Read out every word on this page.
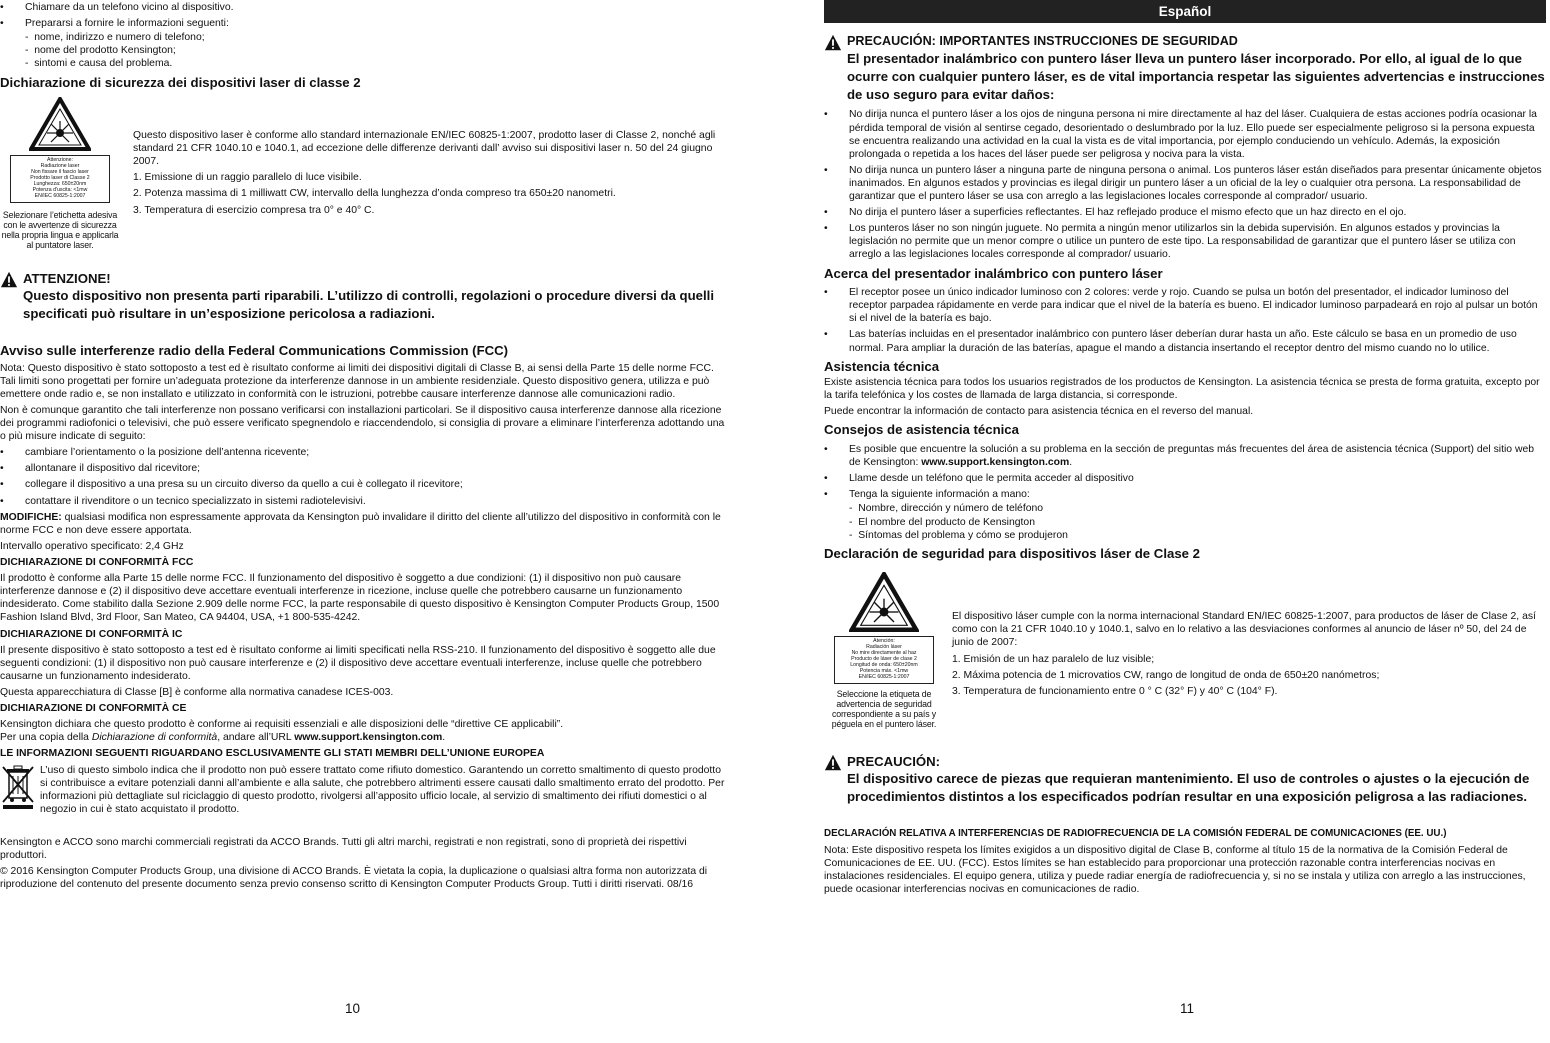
• Chiamare da un telefono vicino al dispositivo.
• Prepararsi a fornire le informazioni seguenti:
- nome, indirizzo e numero di telefono;
- nome del prodotto Kensington;
- sintomi e causa del problema.
Dichiarazione di sicurezza dei dispositivi laser di classe 2
Attenzione:
Radiazione laser
Non fissare il fascio laser
Prodotto laser di Classe 2
Lunghezza: 650±20nm
Potenza d'uscita: <1mw
EN/IEC 60825-1:2007
Selezionare l’etichetta adesiva con le avvertenze di sicurezza nella propria lingua e applicarla al puntatore laser.

Questo dispositivo laser è conforme allo standard internazionale EN/IEC 60825-1:2007, prodotto laser di Classe 2, nonché agli standard 21 CFR 1040.10 e 1040.1, ad eccezione delle differenze derivanti dall’ avviso sui dispositivi laser n. 50 del 24 giugno 2007.

1. Emissione di un raggio parallelo di luce visibile.

2. Potenza massima di 1 milliwatt CW, intervallo della lunghezza d’onda compreso tra 650±20 nanometri.

3. Temperatura di esercizio compresa tra 0° e 40° C.

ATTENZIONE!
Questo dispositivo non presenta parti riparabili. L’utilizzo di controlli, regolazioni o procedure diversi da quelli specificati può risultare in un’esposizione pericolosa a radiazioni.
Avviso sulle interferenze radio della Federal Communications Commission (FCC)

Nota: Questo dispositivo è stato sottoposto a test ed è risultato conforme ai limiti dei dispositivi digitali di Classe B, ai sensi della Parte 15 delle norme FCC. Tali limiti sono progettati per fornire un’adeguata protezione da interferenze dannose in un ambiente residenziale. Questo dispositivo genera, utilizza e può emettere onde radio e, se non installato e utilizzato in conformità con le istruzioni, potrebbe causare interferenze dannose alle comunicazioni radio.

Non è comunque garantito che tali interferenze non possano verificarsi con installazioni particolari. Se il dispositivo causa interferenze dannose alla ricezione dei programmi radiofonici o televisivi, che può essere verificato spegnendolo e riaccendendolo, si consiglia di provare a eliminare l’interferenza adottando una o più misure indicate di seguito:

• cambiare l’orientamento o la posizione dell’antenna ricevente;
• allontanare il dispositivo dal ricevitore;
• collegare il dispositivo a una presa su un circuito diverso da quello a cui è collegato il ricevitore;
• contattare il rivenditore o un tecnico specializzato in sistemi radiotelevisivi.

MODIFICHE: qualsiasi modifica non espressamente approvata da Kensington può invalidare il diritto del cliente all’utilizzo del dispositivo in conformità con le norme FCC e non deve essere apportata.

Intervallo operativo specificato: 2,4 GHz

DICHIARAZIONE DI CONFORMITÀ FCC

Il prodotto è conforme alla Parte 15 delle norme FCC. Il funzionamento del dispositivo è soggetto a due condizioni: (1) il dispositivo non può causare interferenze dannose e (2) il dispositivo deve accettare eventuali interferenze in ricezione, incluse quelle che potrebbero causarne un funzionamento indesiderato. Come stabilito dalla Sezione 2.909 delle norme FCC, la parte responsabile di questo dispositivo è Kensington Computer Products Group, 1500 Fashion Island Blvd, 3rd Floor, San Mateo, CA 94404, USA, +1 800-535-4242.

DICHIARAZIONE DI CONFORMITÀ IC

Il presente dispositivo è stato sottoposto a test ed è risultato conforme ai limiti specificati nella RSS-210. Il funzionamento del dispositivo è soggetto alle due seguenti condizioni: (1) il dispositivo non può causare interferenze e (2) il dispositivo deve accettare eventuali interferenze, incluse quelle che potrebbero causarne un funzionamento indesiderato.

Questa apparecchiatura di Classe [B] è conforme alla normativa canadese ICES-003.

DICHIARAZIONE DI CONFORMITÀ CE

Kensington dichiara che questo prodotto è conforme ai requisiti essenziali e alle disposizioni delle “direttive CE applicabili”.

Per una copia della Dichiarazione di conformità, andare all’URL www.support.kensington.com.

LE INFORMAZIONI SEGUENTI RIGUARDANO ESCLUSIVAMENTE GLI STATI MEMBRI DELL’UNIONE EUROPEA
L’uso di questo simbolo indica che il prodotto non può essere trattato come rifiuto domestico. Garantendo un corretto smaltimento di questo prodotto si contribuisce a evitare potenziali danni all’ambiente e alla salute, che potrebbero altrimenti essere causati dallo smaltimento errato del prodotto. Per informazioni più dettagliate sul riciclaggio di questo prodotto, rivolgersi all’apposito ufficio locale, al servizio di smaltimento dei rifiuti domestici o al negozio in cui è stato acquistato il prodotto.

Kensington e ACCO sono marchi commerciali registrati da ACCO Brands. Tutti gli altri marchi, registrati e non registrati, sono di proprietà dei rispettivi produttori.

© 2016 Kensington Computer Products Group, una divisione di ACCO Brands. È vietata la copia, la duplicazione o qualsiasi altra forma non autorizzata di riproduzione del contenuto del presente documento senza previo consenso scritto di Kensington Computer Products Group. Tutti i diritti riservati. 08/16

10
Español
PRECAUCIÓN: IMPORTANTES INSTRUCCIONES DE SEGURIDAD
El presentador inalámbrico con puntero láser lleva un puntero láser incorporado. Por ello, al igual de lo que ocurre con cualquier puntero láser, es de vital importancia respetar las siguientes advertencias e instrucciones de uso seguro para evitar daños:
• No dirija nunca el puntero láser a los ojos de ninguna persona ni mire directamente al haz del láser. Cualquiera de estas acciones podría ocasionar la pérdida temporal de visión al sentirse cegado, desorientado o deslumbrado por la luz. Ello puede ser especialmente peligroso si la persona expuesta se encuentra realizando una actividad en la cual la vista es de vital importancia, por ejemplo conduciendo un vehículo. Además, la exposición prolongada o repetida a los haces del láser puede ser peligrosa y nociva para la vista.
• No dirija nunca un puntero láser a ninguna parte de ninguna persona o animal. Los punteros láser están diseñados para presentar únicamente objetos inanimados. En algunos estados y provincias es ilegal dirigir un puntero láser a un oficial de la ley o cualquier otra persona. La responsabilidad de garantizar que el puntero láser se usa con arreglo a las legislaciones locales corresponde al comprador/ usuario.
• No dirija el puntero láser a superficies reflectantes. El haz reflejado produce el mismo efecto que un haz directo en el ojo.
• Los punteros láser no son ningún juguete. No permita a ningún menor utilizarlos sin la debida supervisión. En algunos estados y provincias la legislación no permite que un menor compre o utilice un puntero de este tipo. La responsabilidad de garantizar que el puntero láser se utiliza con arreglo a las legislaciones locales corresponde al comprador/ usuario.
Acerca del presentador inalámbrico con puntero láser
• El receptor posee un único indicador luminoso con 2 colores: verde y rojo. Cuando se pulsa un botón del presentador, el indicador luminoso del receptor parpadea rápidamente en verde para indicar que el nivel de la batería es bueno. El indicador luminoso parpadeará en rojo al pulsar un botón si el nivel de la batería es bajo.
• Las baterías incluidas en el presentador inalámbrico con puntero láser deberían durar hasta un año. Este cálculo se basa en un promedio de uso normal. Para ampliar la duración de las baterías, apague el mando a distancia insertando el receptor dentro del mismo cuando no lo utilice.
Asistencia técnica

Existe asistencia técnica para todos los usuarios registrados de los productos de Kensington. La asistencia técnica se presta de forma gratuita, excepto por la tarifa telefónica y los costes de llamada de larga distancia, si corresponde.

Puede encontrar la información de contacto para asistencia técnica en el reverso del manual.

Consejos de asistencia técnica
• Es posible que encuentre la solución a su problema en la sección de preguntas más frecuentes del área de asistencia técnica (Support) del sitio web de Kensington: www.support.kensington.com.
• Llame desde un teléfono que le permita acceder al dispositivo
• Tenga la siguiente información a mano:
- Nombre, dirección y número de teléfono
- El nombre del producto de Kensington
- Síntomas del problema y cómo se produjeron
Declaración de seguridad para dispositivos láser de Clase 2
Atención:
Radiación láser
No mire directamente al haz
Producto de láser de clase 2
Longitud de onda: 650±20nm
Potencia máx. <1mw
EN/IEC 60825-1:2007
Seleccione la etiqueta de advertencia de seguridad correspondiente a su país y péguela en el puntero láser.

El dispositivo láser cumple con la norma internacional Standard EN/IEC 60825-1:2007, para productos de láser de Clase 2, así como con la 21 CFR 1040.10 y 1040.1, salvo en lo relativo a las desviaciones conformes al anuncio de láser nº 50, del 24 de junio de 2007:

1. Emisión de un haz paralelo de luz visible;

2. Máxima potencia de 1 microvatios CW, rango de longitud de onda de 650±20 nanómetros;

3. Temperatura de funcionamiento entre 0 ° C (32° F) y 40° C (104° F).

PRECAUCIÓN:
El dispositivo carece de piezas que requieran mantenimiento. El uso de controles o ajustes o la ejecución de procedimientos distintos a los especificados podrían resultar en una exposición peligrosa a las radiaciones.
DECLARACIÓN RELATIVA A INTERFERENCIAS DE RADIOFRECUENCIA DE LA COMISIÓN FEDERAL DE COMUNICACIONES (EE. UU.)

Nota: Este dispositivo respeta los límites exigidos a un dispositivo digital de Clase B, conforme al título 15 de la normativa de la Comisión Federal de Comunicaciones de EE. UU. (FCC). Estos límites se han establecido para proporcionar una protección razonable contra interferencias nocivas en instalaciones residenciales. El equipo genera, utiliza y puede radiar energía de radiofrecuencia y, si no se instala y utiliza con arreglo a las instrucciones, puede ocasionar interferencias nocivas en comunicaciones de radio.

11
